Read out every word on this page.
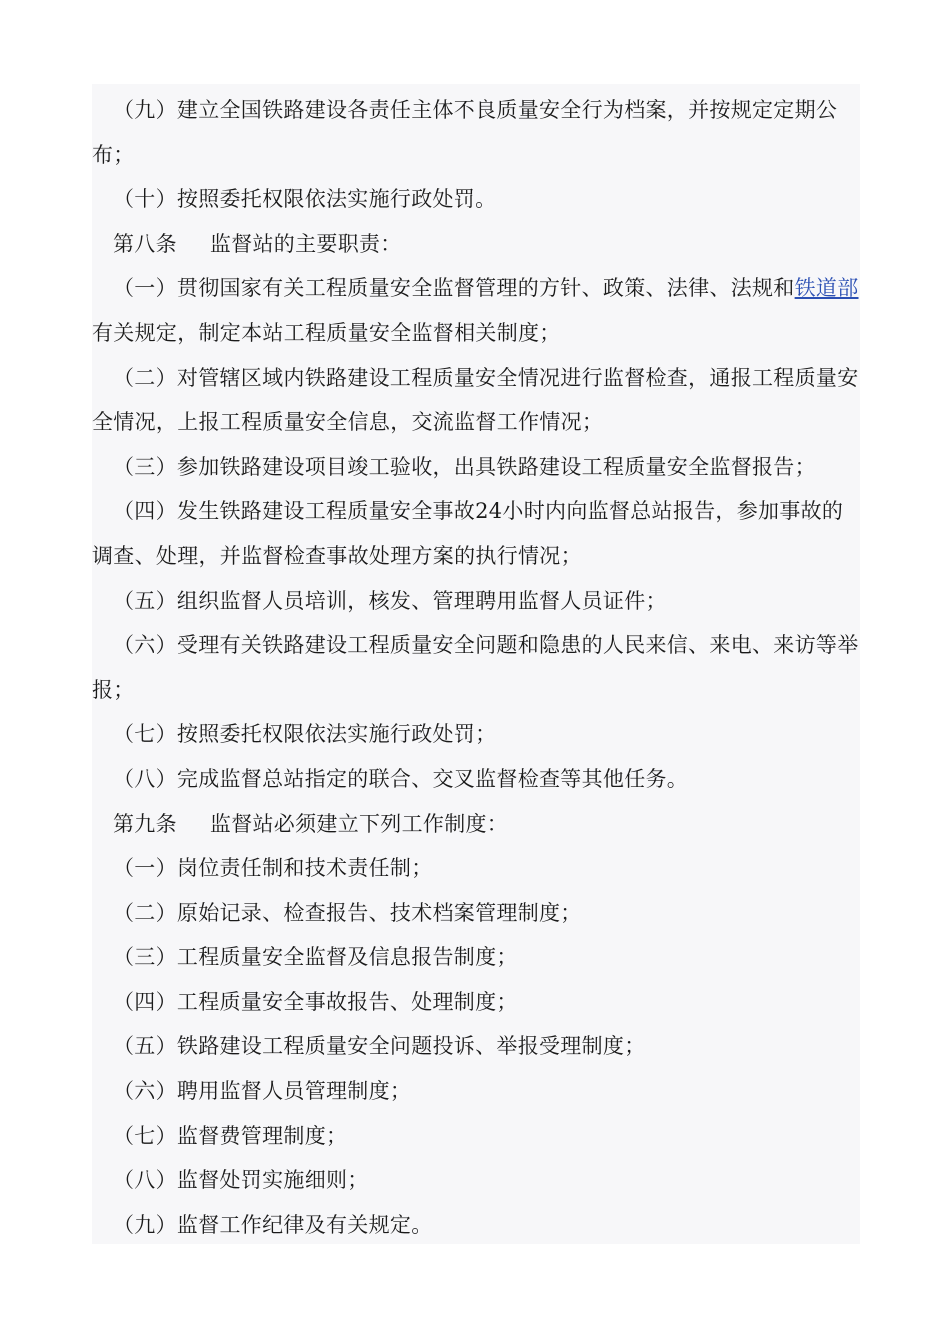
（九）建立全国铁路建设各责任主体不良质量安全行为档案，并按规定定期公布；

（十）按照委托权限依法实施行政处罚。

第八条 监督站的主要职责：

（一）贯彻国家有关工程质量安全监督管理的方针、政策、法律、法规和铁道部有关规定，制定本站工程质量安全监督相关制度；

（二）对管辖区域内铁路建设工程质量安全情况进行监督检查，通报工程质量安全情况，上报工程质量安全信息，交流监督工作情况；

（三）参加铁路建设项目竣工验收，出具铁路建设工程质量安全监督报告；

（四）发生铁路建设工程质量安全事故24小时内向监督总站报告，参加事故的调查、处理，并监督检查事故处理方案的执行情况；

（五）组织监督人员培训，核发、管理聘用监督人员证件；

（六）受理有关铁路建设工程质量安全问题和隐患的人民来信、来电、来访等举报；

（七）按照委托权限依法实施行政处罚；

（八）完成监督总站指定的联合、交叉监督检查等其他任务。

第九条 监督站必须建立下列工作制度：

（一）岗位责任制和技术责任制；

（二）原始记录、检查报告、技术档案管理制度；

（三）工程质量安全监督及信息报告制度；

（四）工程质量安全事故报告、处理制度；

（五）铁路建设工程质量安全问题投诉、举报受理制度；

（六）聘用监督人员管理制度；

（七）监督费管理制度；

（八）监督处罚实施细则；

（九）监督工作纪律及有关规定。
